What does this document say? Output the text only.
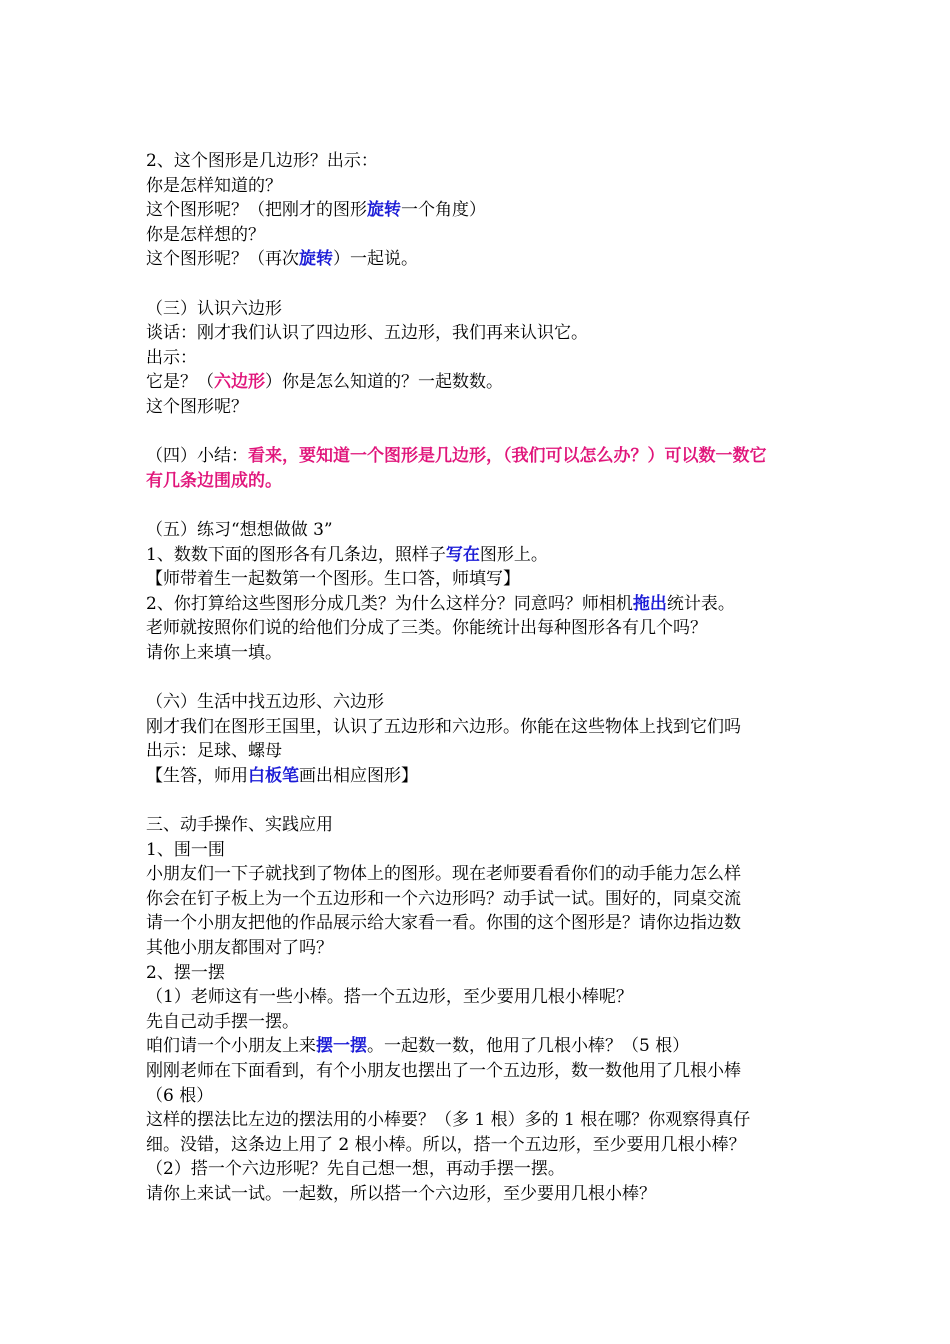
2、这个图形是几边形？出示：
你是怎样知道的？
这个图形呢？（把刚才的图形旋转一个角度）
你是怎样想的？
这个图形呢？（再次旋转）一起说。
（三）认识六边形
谈话：刚才我们认识了四边形、五边形，我们再来认识它。
出示：
它是？（六边形）你是怎么知道的？一起数数。
这个图形呢？
（四）小结：看来，要知道一个图形是几边形，（我们可以怎么办？）可以数一数它
有几条边围成的。
（五）练习“想想做做 3”
1、数数下面的图形各有几条边，照样子写在图形上。
【师带着生一起数第一个图形。生口答，师填写】
2、你打算给这些图形分成几类？为什么这样分？同意吗？师相机拖出统计表。
老师就按照你们说的给他们分成了三类。你能统计出每种图形各有几个吗？
请你上来填一填。
（六）生活中找五边形、六边形
刚才我们在图形王国里，认识了五边形和六边形。你能在这些物体上找到它们吗
出示：足球、螺母
【生答，师用白板笔画出相应图形】
三、动手操作、实践应用
1、围一围
小朋友们一下子就找到了物体上的图形。现在老师要看看你们的动手能力怎么样
你会在钉子板上为一个五边形和一个六边形吗？动手试一试。围好的，同桌交流
请一个小朋友把他的作品展示给大家看一看。你围的这个图形是？请你边指边数
其他小朋友都围对了吗？
2、摆一摆
（1）老师这有一些小棒。搭一个五边形，至少要用几根小棒呢？
先自己动手摆一摆。
咱们请一个小朋友上来摆一摆。一起数一数，他用了几根小棒？（5 根）
刚刚老师在下面看到，有个小朋友也摆出了一个五边形，数一数他用了几根小棒
（6 根）
这样的摆法比左边的摆法用的小棒要？（多 1 根）多的 1 根在哪？你观察得真仔
细。没错，这条边上用了 2 根小棒。所以，搭一个五边形，至少要用几根小棒？
（2）搭一个六边形呢？先自己想一想，再动手摆一摆。
请你上来试一试。一起数，所以搭一个六边形，至少要用几根小棒？
